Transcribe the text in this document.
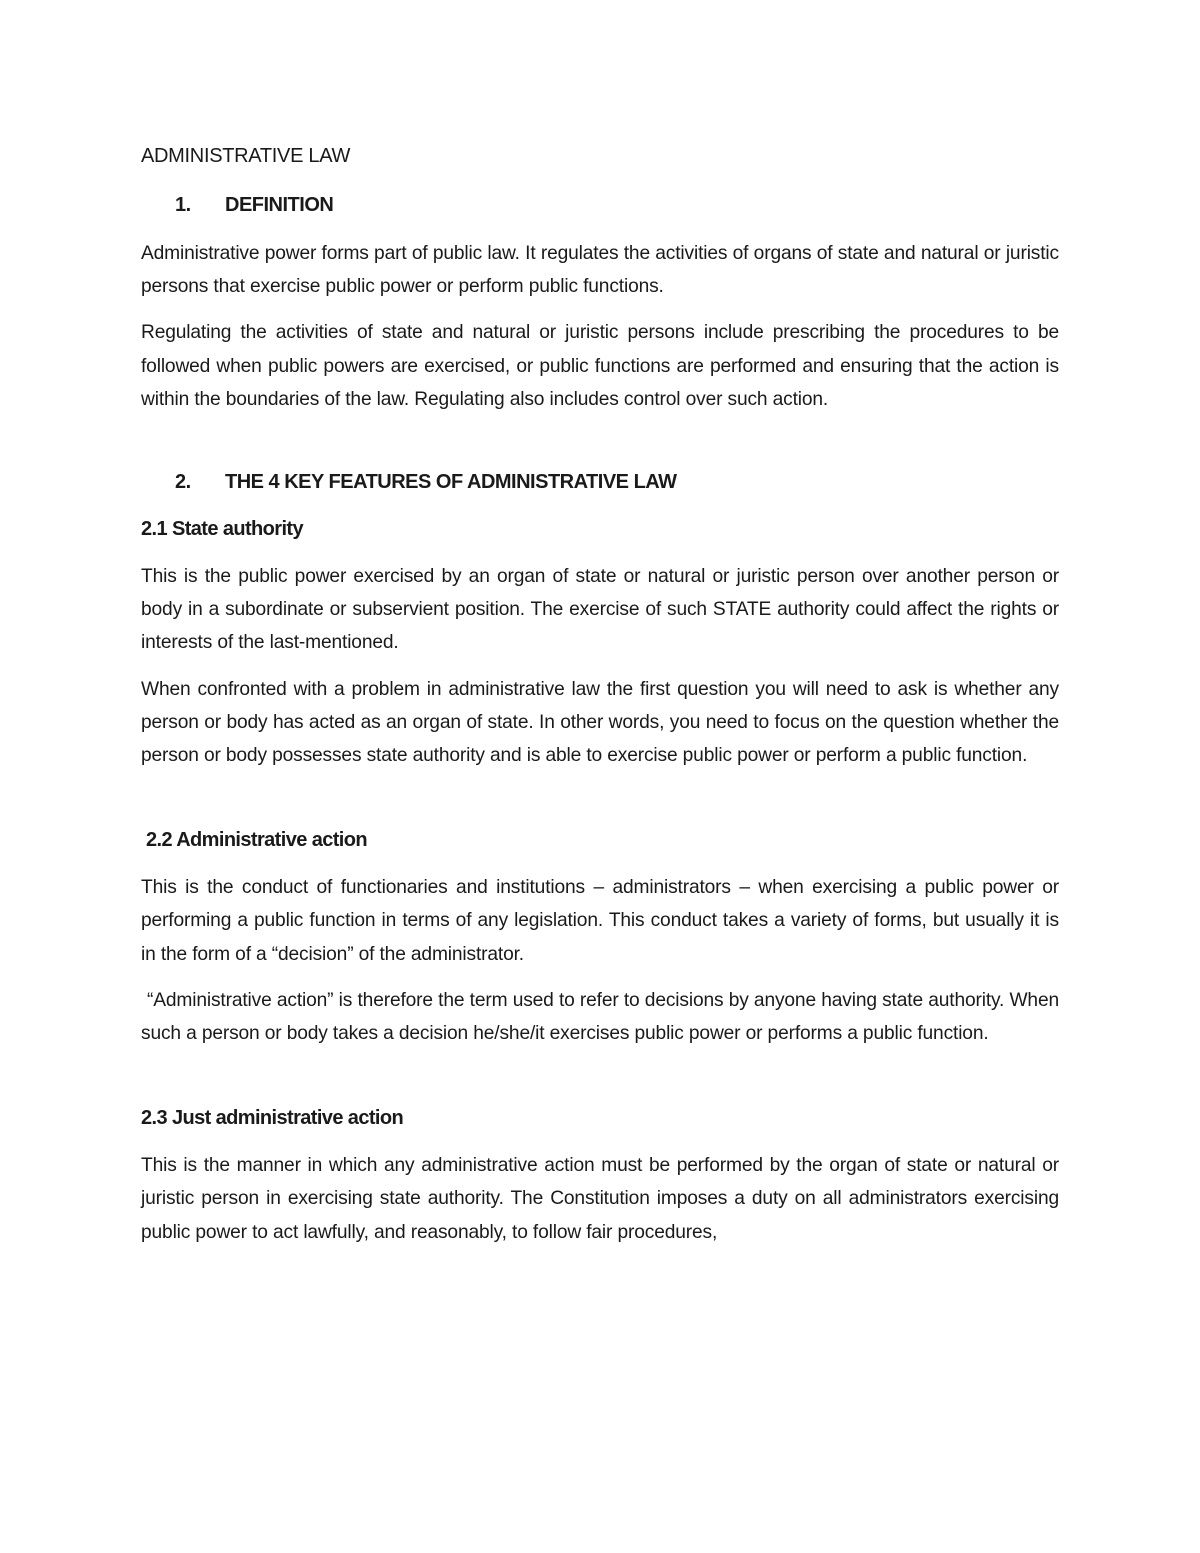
ADMINISTRATIVE LAW
1.	DEFINITION

Administrative power forms part of public law. It regulates the activities of organs of state and natural or juristic persons that exercise public power or perform public functions.

Regulating the activities of state and natural or juristic persons include prescribing the procedures to be followed when public powers are exercised, or public functions are performed and ensuring that the action is within the boundaries of the law. Regulating also includes control over such action.

2.	THE 4 KEY FEATURES OF ADMINISTRATIVE LAW
2.1 State authority

This is the public power exercised by an organ of state or natural or juristic person over another person or body in a subordinate or subservient position. The exercise of such STATE authority could affect the rights or interests of the last-mentioned.

When confronted with a problem in administrative law the first question you will need to ask is whether any person or body has acted as an organ of state. In other words, you need to focus on the question whether the person or body possesses state authority and is able to exercise public power or perform a public function.

2.2 Administrative action

This is the conduct of functionaries and institutions – administrators – when exercising a public power or performing a public function in terms of any legislation. This conduct takes a variety of forms, but usually it is in the form of a “decision” of the administrator.

“Administrative action” is therefore the term used to refer to decisions by anyone having state authority. When such a person or body takes a decision he/she/it exercises public power or performs a public function.

2.3 Just administrative action

This is the manner in which any administrative action must be performed by the organ of state or natural or juristic person in exercising state authority. The Constitution imposes a duty on all administrators exercising public power to act lawfully, and reasonably, to follow fair procedures,
